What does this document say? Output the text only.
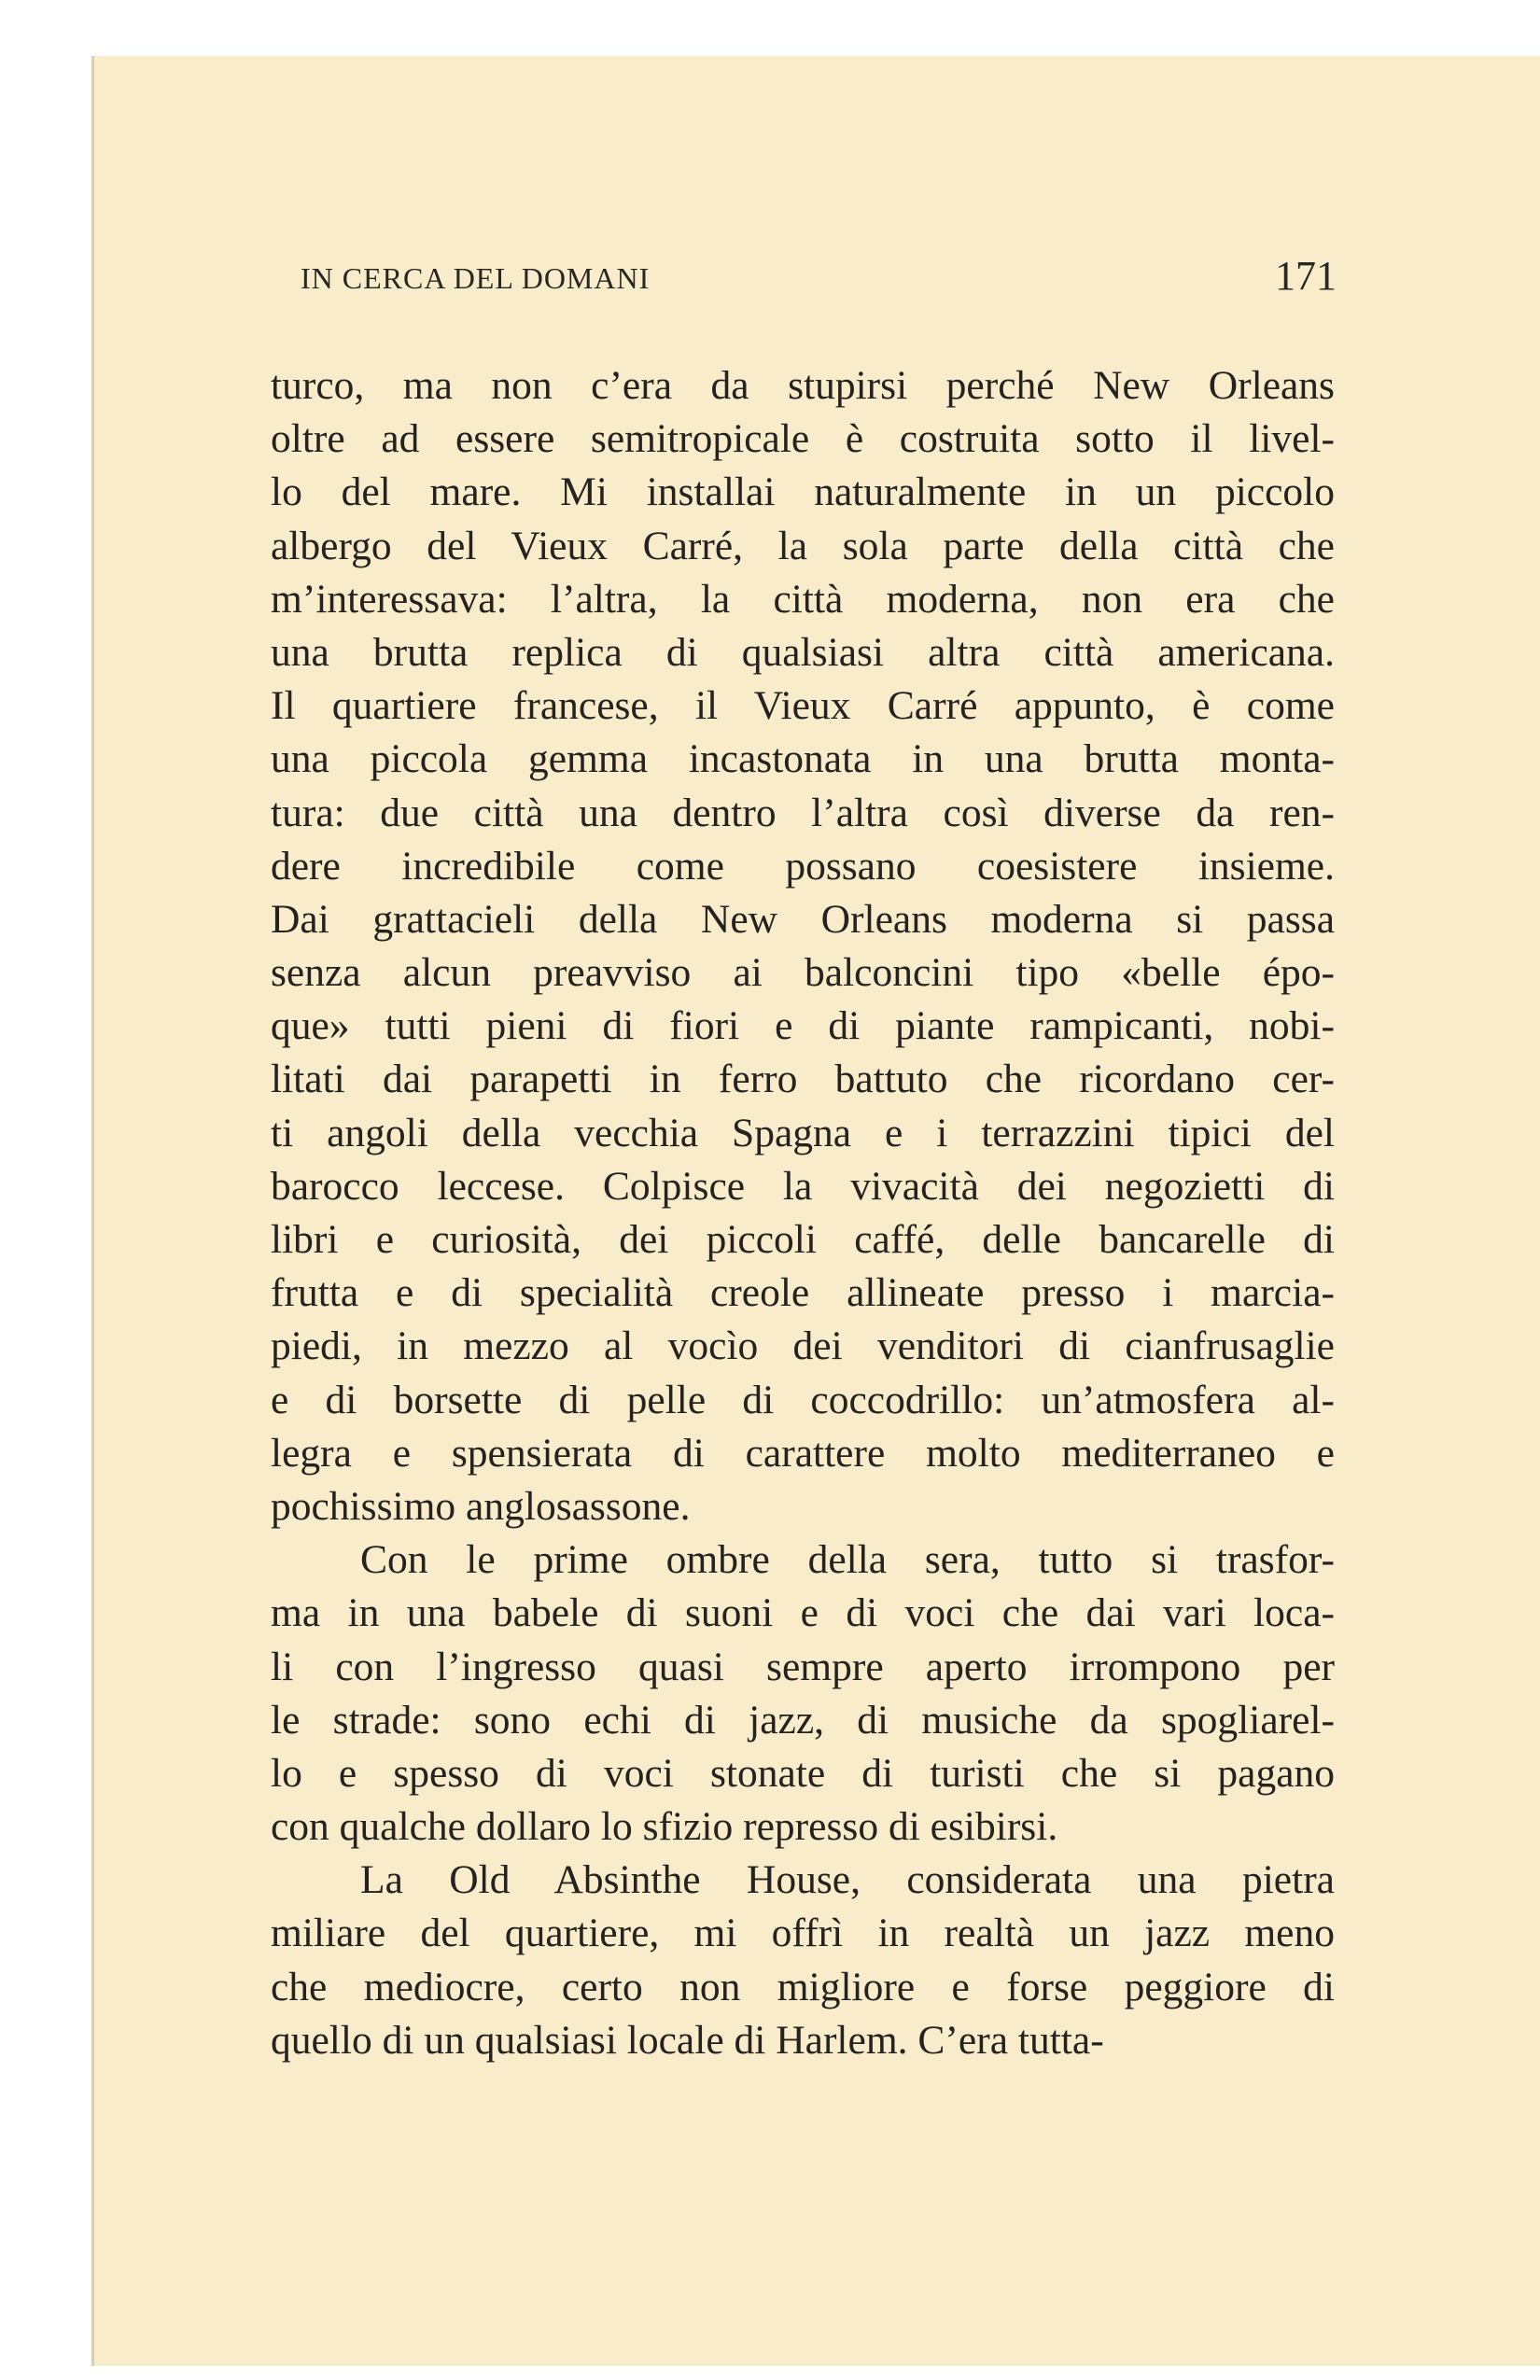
IN CERCA DEL DOMANI	171
turco, ma non c’era da stupirsi perché New Orleans
oltre ad essere semitropicale è costruita sotto il livel-
lo del mare. Mi installai naturalmente in un piccolo
albergo del Vieux Carré, la sola parte della città che
m’interessava: l’altra, la città moderna, non era che
una brutta replica di qualsiasi altra città americana.
Il quartiere francese, il Vieux Carré appunto, è come
una piccola gemma incastonata in una brutta monta-
tura: due città una dentro l’altra così diverse da ren-
dere incredibile come possano coesistere insieme.
Dai grattacieli della New Orleans moderna si passa
senza alcun preavviso ai balconcini tipo «belle épo-
que» tutti pieni di fiori e di piante rampicanti, nobi-
litati dai parapetti in ferro battuto che ricordano cer-
ti angoli della vecchia Spagna e i terrazzini tipici del
barocco leccese. Colpisce la vivacità dei negozietti di
libri e curiosità, dei piccoli caffé, delle bancarelle di
frutta e di specialità creole allineate presso i marcia-
piedi, in mezzo al vocìo dei venditori di cianfrusaglie
e di borsette di pelle di coccodrillo: un’atmosfera al-
legra e spensierata di carattere molto mediterraneo e
pochissimo anglosassone.
Con le prime ombre della sera, tutto si trasfor-
ma in una babele di suoni e di voci che dai vari loca-
li con l’ingresso quasi sempre aperto irrompono per
le strade: sono echi di jazz, di musiche da spogliarel-
lo e spesso di voci stonate di turisti che si pagano
con qualche dollaro lo sfizio represso di esibirsi.
La Old Absinthe House, considerata una pietra
miliare del quartiere, mi offrì in realtà un jazz meno
che mediocre, certo non migliore e forse peggiore di
quello di un qualsiasi locale di Harlem. C’era tutta-
